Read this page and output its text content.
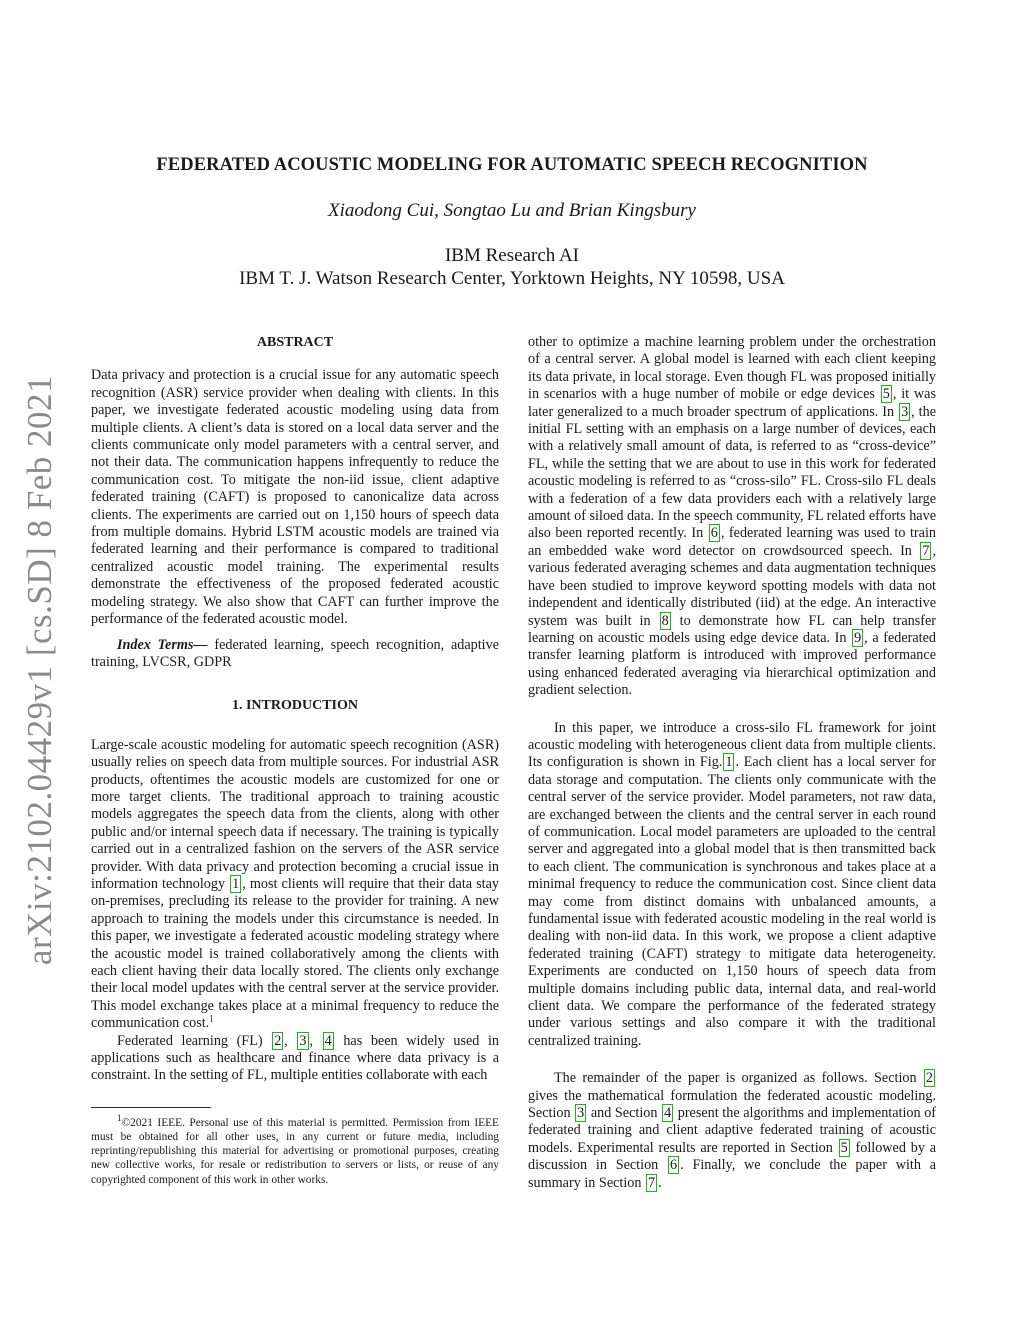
arXiv:2102.04429v1 [cs.SD] 8 Feb 2021
FEDERATED ACOUSTIC MODELING FOR AUTOMATIC SPEECH RECOGNITION
Xiaodong Cui, Songtao Lu and Brian Kingsbury
IBM Research AI
IBM T. J. Watson Research Center, Yorktown Heights, NY 10598, USA
ABSTRACT

Data privacy and protection is a crucial issue for any automatic speech recognition (ASR) service provider when dealing with clients. In this paper, we investigate federated acoustic modeling using data from multiple clients. A client’s data is stored on a local data server and the clients communicate only model parameters with a central server, and not their data. The communication happens infrequently to reduce the communication cost. To mitigate the non-iid issue, client adaptive federated training (CAFT) is proposed to canonicalize data across clients. The experiments are carried out on 1,150 hours of speech data from multiple domains. Hybrid LSTM acoustic models are trained via federated learning and their performance is compared to traditional centralized acoustic model training. The experimental results demonstrate the effectiveness of the proposed federated acoustic modeling strategy. We also show that CAFT can further improve the performance of the federated acoustic model.

Index Terms— federated learning, speech recognition, adaptive training, LVCSR, GDPR

1. INTRODUCTION

Large-scale acoustic modeling for automatic speech recognition (ASR) usually relies on speech data from multiple sources. For industrial ASR products, oftentimes the acoustic models are customized for one or more target clients. The traditional approach to training acoustic models aggregates the speech data from the clients, along with other public and/or internal speech data if necessary. The training is typically carried out in a centralized fashion on the servers of the ASR service provider. With data privacy and protection becoming a crucial issue in information technology 1 , most clients will require that their data stay on-premises, precluding its release to the provider for training. A new approach to training the models under this circumstance is needed. In this paper, we investigate a federated acoustic modeling strategy where the acoustic model is trained collaboratively among the clients with each client having their data locally stored. The clients only exchange their local model updates with the central server at the service provider. This model exchange takes place at a minimal frequency to reduce the communication cost.$^1$

Federated learning (FL) 2 , 3 , 4 has been widely used in applications such as healthcare and finance where data privacy is a constraint. In the setting of FL, multiple entities collaborate with each

$^1$©2021 IEEE. Personal use of this material is permitted. Permission from IEEE must be obtained for all other uses, in any current or future media, including reprinting/republishing this material for advertising or promotional purposes, creating new collective works, for resale or redistribution to servers or lists, or reuse of any copyrighted component of this work in other works.

other to optimize a machine learning problem under the orchestration of a central server. A global model is learned with each client keeping its data private, in local storage. Even though FL was proposed initially in scenarios with a huge number of mobile or edge devices 5 , it was later generalized to a much broader spectrum of applications. In 3 , the initial FL setting with an emphasis on a large number of devices, each with a relatively small amount of data, is referred to as “cross-device” FL, while the setting that we are about to use in this work for federated acoustic modeling is referred to as “cross-silo” FL. Cross-silo FL deals with a federation of a few data providers each with a relatively large amount of siloed data. In the speech community, FL related efforts have also been reported recently. In 6 , federated learning was used to train an embedded wake word detector on crowdsourced speech. In 7 , various federated averaging schemes and data augmentation techniques have been studied to improve keyword spotting models with data not independent and identically distributed (iid) at the edge. An interactive system was built in 8 to demonstrate how FL can help transfer learning on acoustic models using edge device data. In 9 , a federated transfer learning platform is introduced with improved performance using enhanced federated averaging via hierarchical optimization and gradient selection.

In this paper, we introduce a cross-silo FL framework for joint acoustic modeling with heterogeneous client data from multiple clients. Its configuration is shown in Fig. 1 . Each client has a local server for data storage and computation. The clients only communicate with the central server of the service provider. Model parameters, not raw data, are exchanged between the clients and the central server in each round of communication. Local model parameters are uploaded to the central server and aggregated into a global model that is then transmitted back to each client. The communication is synchronous and takes place at a minimal frequency to reduce the communication cost. Since client data may come from distinct domains with unbalanced amounts, a fundamental issue with federated acoustic modeling in the real world is dealing with non-iid data. In this work, we propose a client adaptive federated training (CAFT) strategy to mitigate data heterogeneity. Experiments are conducted on 1,150 hours of speech data from multiple domains including public data, internal data, and real-world client data. We compare the performance of the federated strategy under various settings and also compare it with the traditional centralized training.

The remainder of the paper is organized as follows. Section 2 gives the mathematical formulation the federated acoustic modeling. Section 3 and Section 4 present the algorithms and implementation of federated training and client adaptive federated training of acoustic models. Experimental results are reported in Section 5 followed by a discussion in Section 6 . Finally, we conclude the paper with a summary in Section 7 .
